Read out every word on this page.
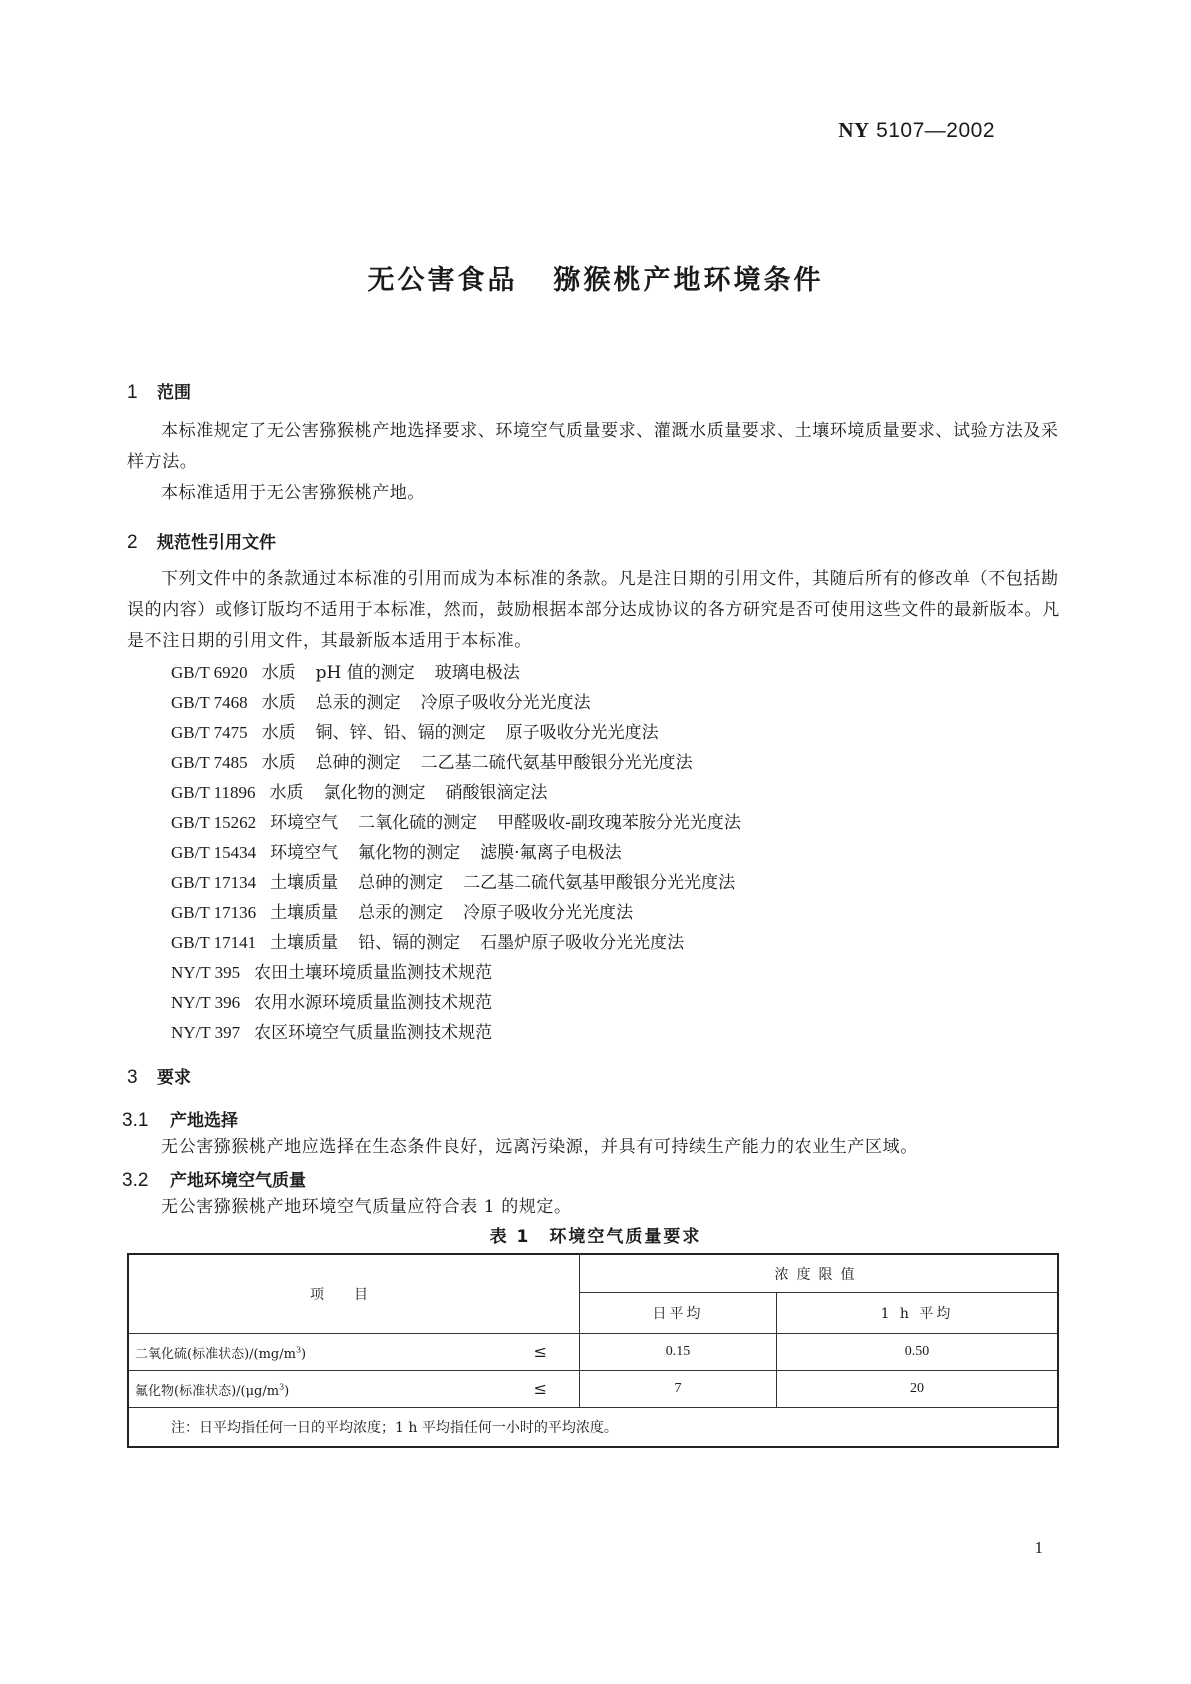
NY 5107—2002
无公害食品 猕猴桃产地环境条件
1 范围
本标准规定了无公害猕猴桃产地选择要求、环境空气质量要求、灌溉水质量要求、土壤环境质量要求、试验方法及采样方法。
本标准适用于无公害猕猴桃产地。
2 规范性引用文件
下列文件中的条款通过本标准的引用而成为本标准的条款。凡是注日期的引用文件，其随后所有的修改单（不包括勘误的内容）或修订版均不适用于本标准，然而，鼓励根据本部分达成协议的各方研究是否可使用这些文件的最新版本。凡是不注日期的引用文件，其最新版本适用于本标准。
GB/T 6920 水质 pH 值的测定 玻璃电极法
GB/T 7468 水质 总汞的测定 冷原子吸收分光光度法
GB/T 7475 水质 铜、锌、铅、镉的测定 原子吸收分光光度法
GB/T 7485 水质 总砷的测定 二乙基二硫代氨基甲酸银分光光度法
GB/T 11896 水质 氯化物的测定 硝酸银滴定法
GB/T 15262 环境空气 二氧化硫的测定 甲醛吸收-副玫瑰苯胺分光光度法
GB/T 15434 环境空气 氟化物的测定 滤膜·氟离子电极法
GB/T 17134 土壤质量 总砷的测定 二乙基二硫代氨基甲酸银分光光度法
GB/T 17136 土壤质量 总汞的测定 冷原子吸收分光光度法
GB/T 17141 土壤质量 铅、镉的测定 石墨炉原子吸收分光光度法
NY/T 395 农田土壤环境质量监测技术规范
NY/T 396 农用水源环境质量监测技术规范
NY/T 397 农区环境空气质量监测技术规范
3 要求
3.1 产地选择
无公害猕猴桃产地应选择在生态条件良好，远离污染源，并具有可持续生产能力的农业生产区域。
3.2 产地环境空气质量
无公害猕猴桃产地环境空气质量应符合表 1 的规定。
表 1　环境空气质量要求
项目	浓度限值	
	日平均	1 h 平均
二氧化硫(标准状态)$/(mg/m^3)$ ≤	0.15	0.50
氟化物(标准状态)$/(\mu g/m^3)$ ≤	7	20
注：日平均指任何一日的平均浓度；1 h 平均指任何一小时的平均浓度。		
1
